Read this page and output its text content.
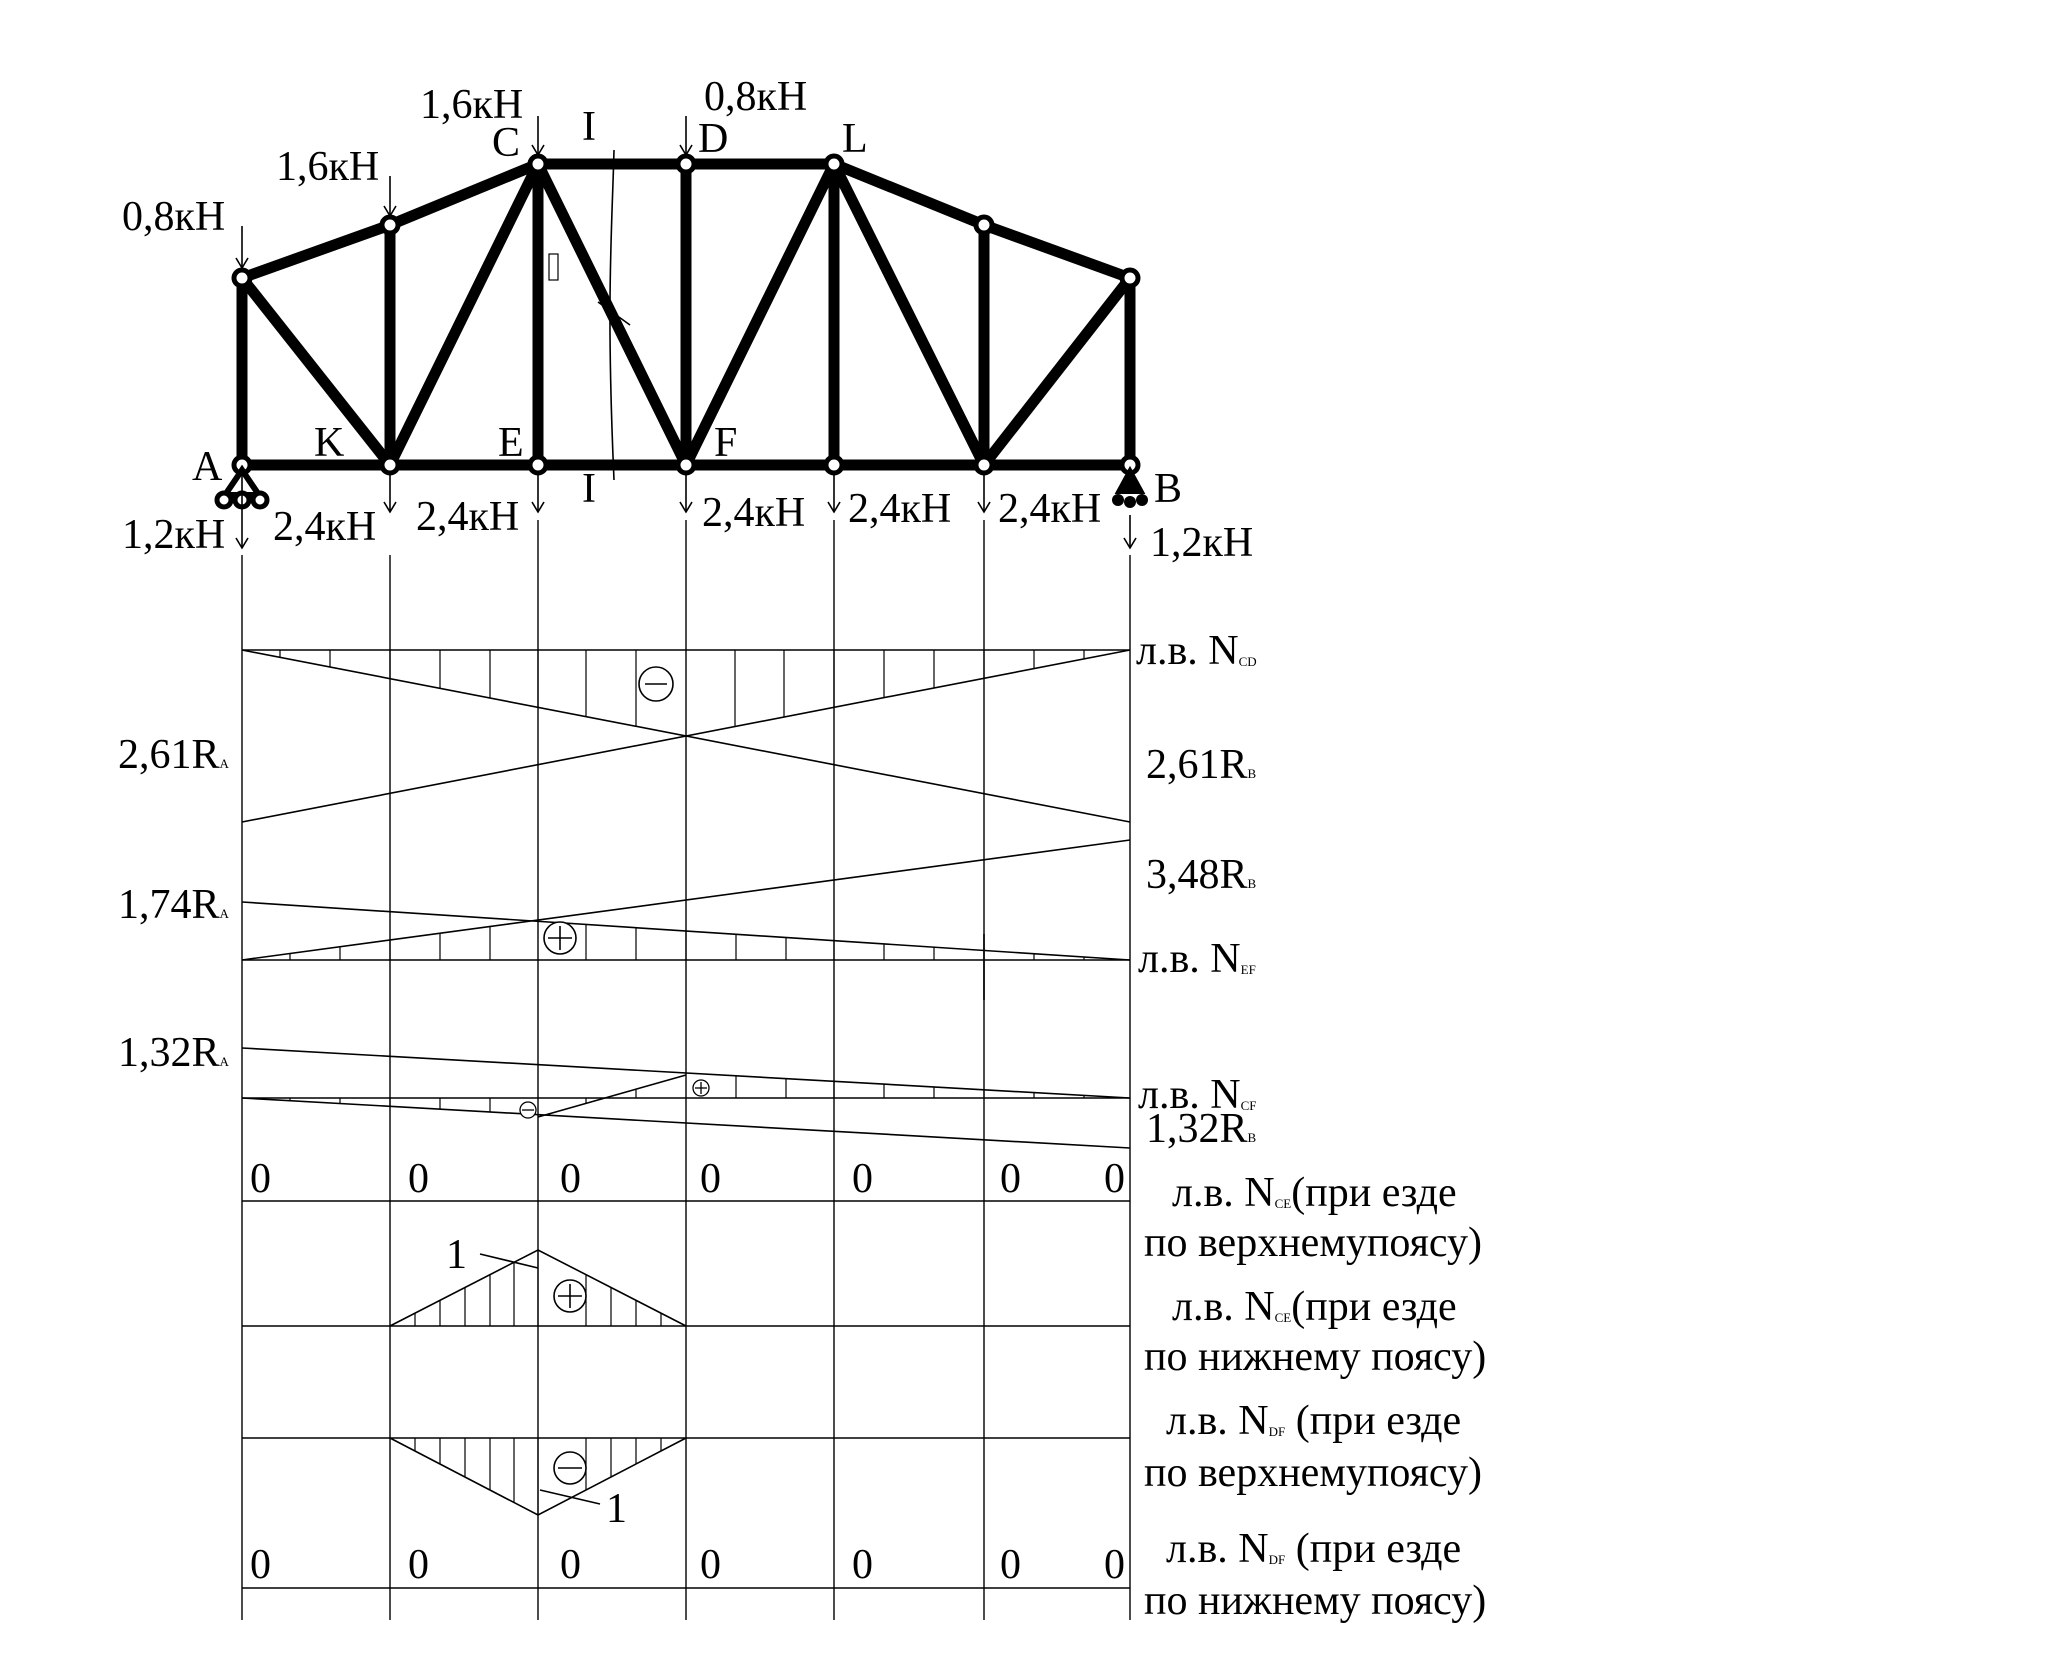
0,8кН
1,6кН
1,6кН	0,8кН
1,2кН 2,4кН 2,4кН	2,4кН 2,4кН 2,4кН
1,2кН
A
K	E	F
B
C	D	L
I
I
л.в. NCD
2,61RA	2,61RB
3,48RB
1,74RA
л.в. NEF
1,32RA
л.в. NCF
1,32RB
0	0	0	0	0	0 0 л.в. NCE(при езде
по верхнемупоясу)
1
л.в. NCE(при езде
по нижнему поясу)
1
л.в. NDF (при езде
по верхнемупоясу)
0	0	0	0	0	0 0 л.в. NDF (при езде
по нижнему поясу)
